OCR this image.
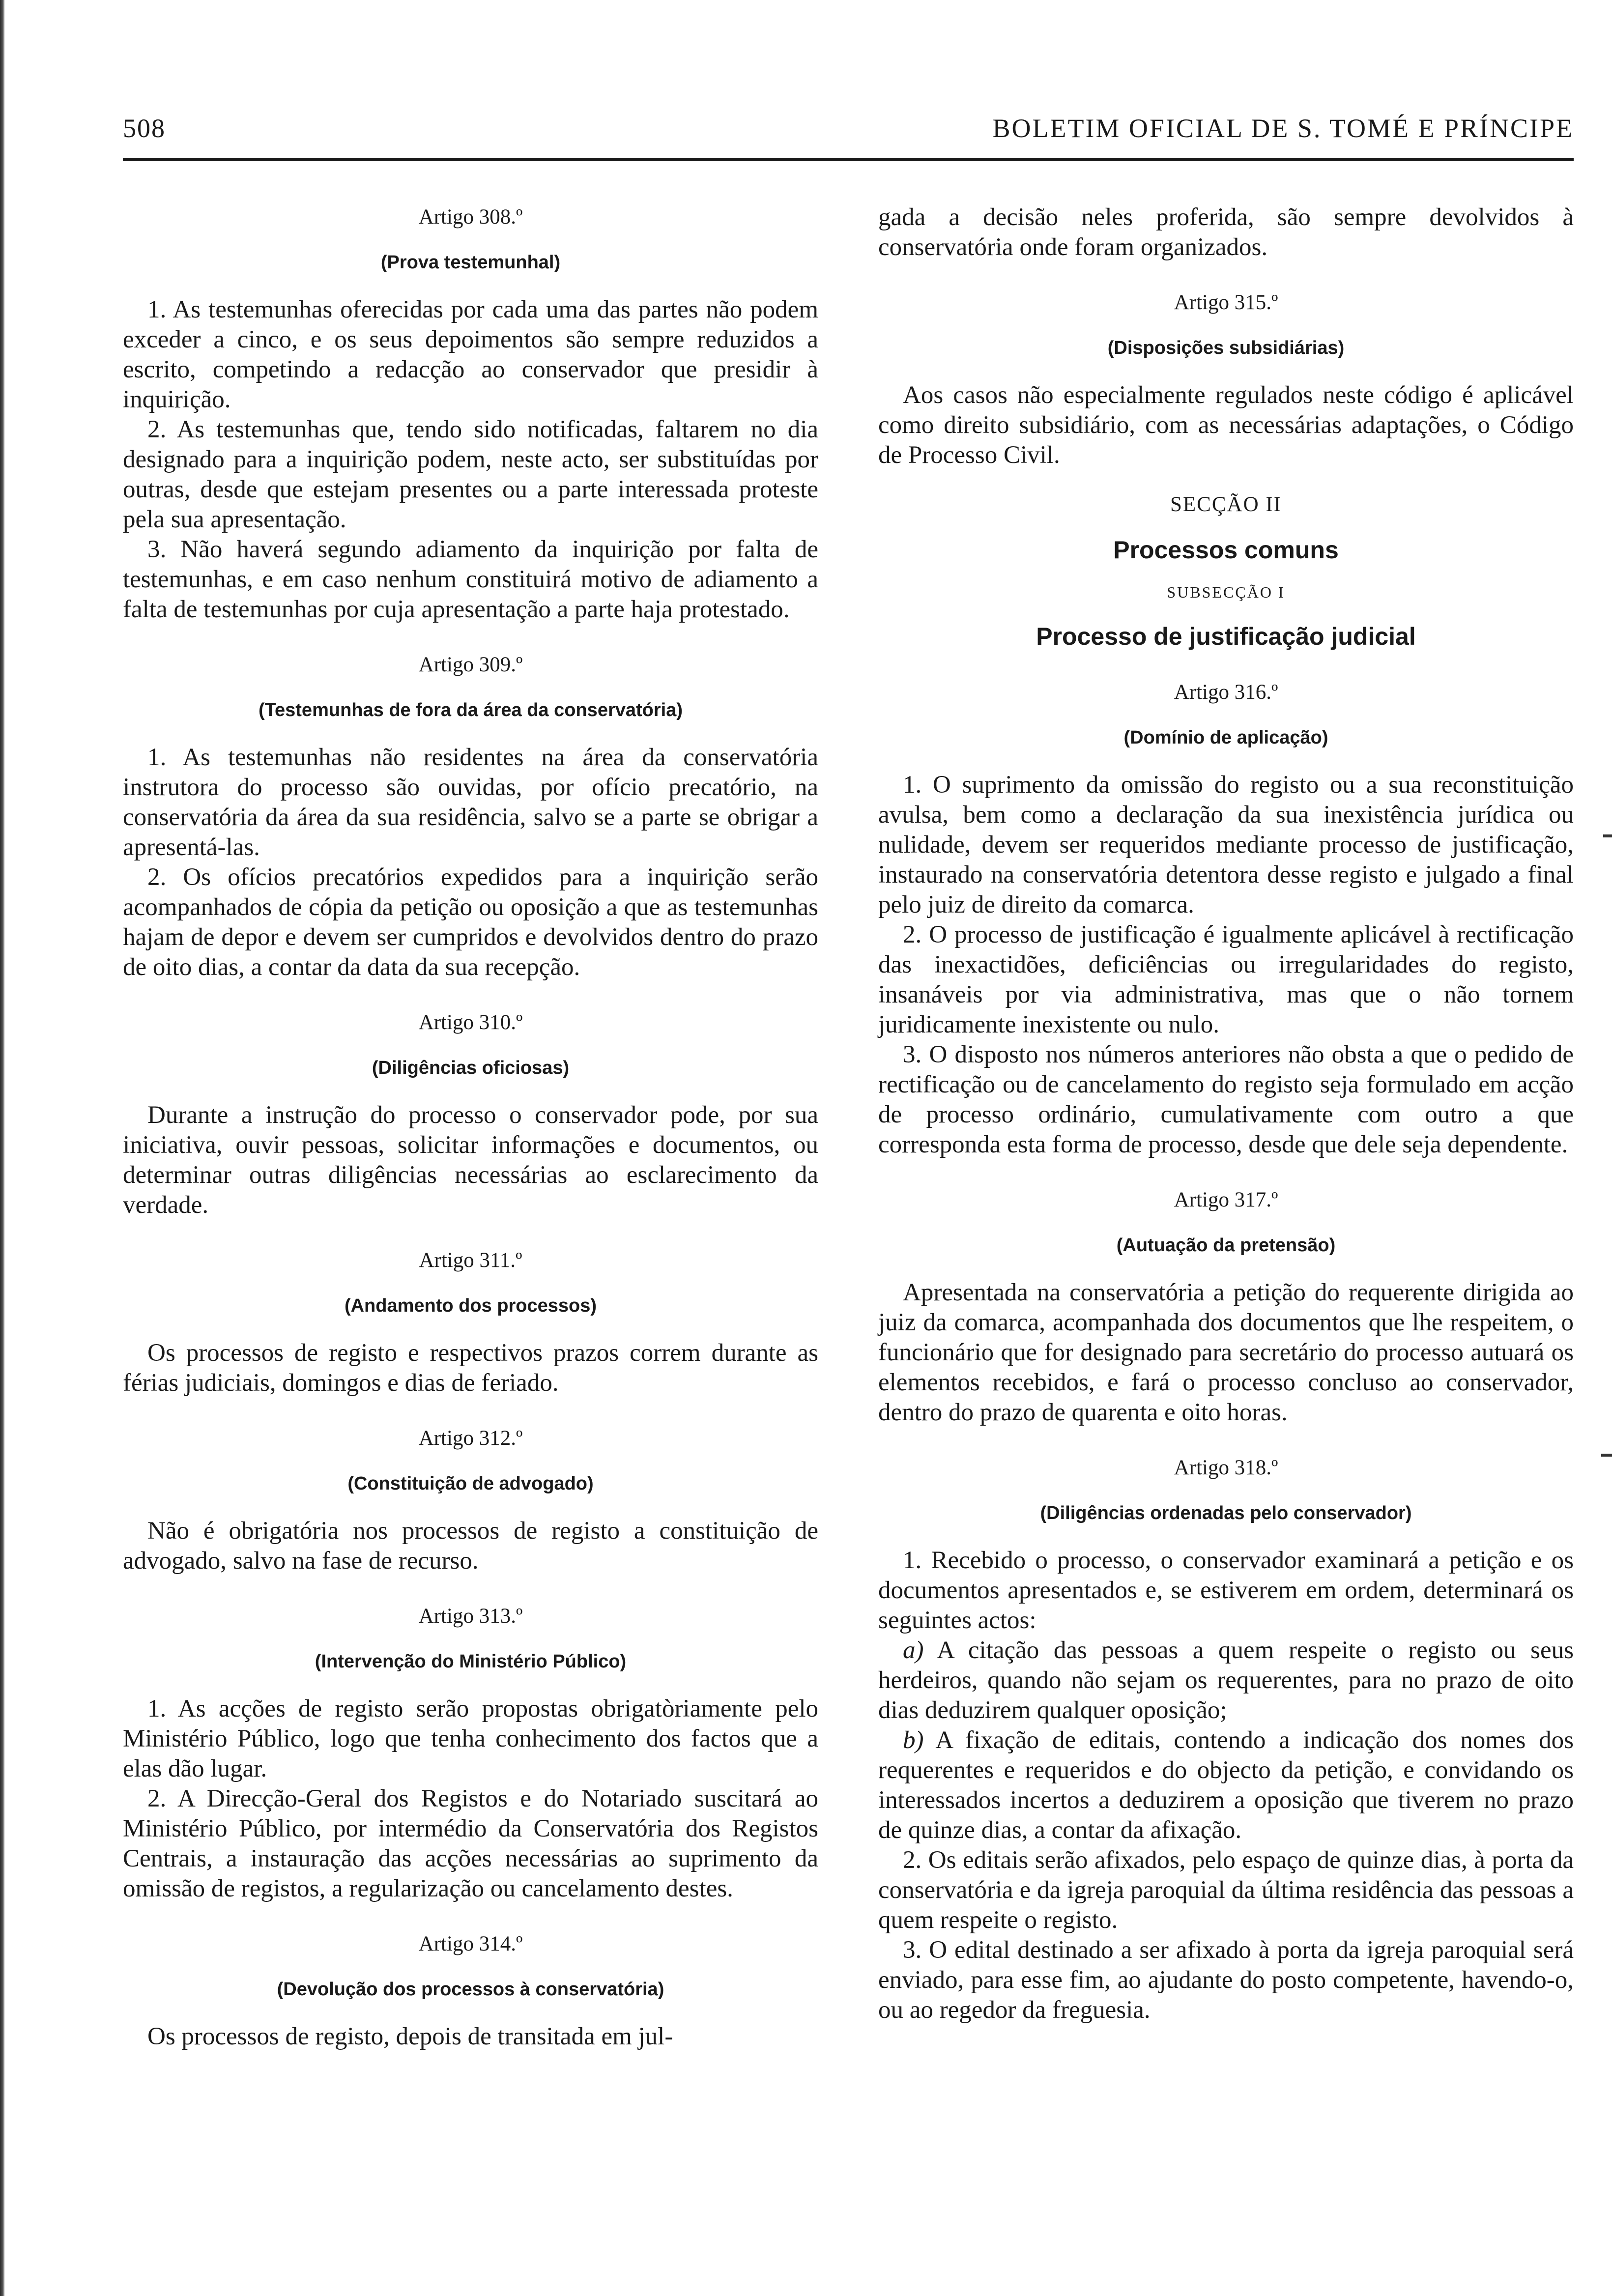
508	BOLETIM OFICIAL DE S. TOMÉ E PRÍNCIPE
Artigo 308.º
(Prova testemunhal)

1. As testemunhas oferecidas por cada uma das partes não podem exceder a cinco, e os seus depoimentos são sempre reduzidos a escrito, competindo a redacção ao conservador que presidir à inquirição.

2. As testemunhas que, tendo sido notificadas, faltarem no dia designado para a inquirição podem, neste acto, ser substituídas por outras, desde que estejam presentes ou a parte interessada proteste pela sua apresentação.

3. Não haverá segundo adiamento da inquirição por falta de testemunhas, e em caso nenhum constituirá motivo de adiamento a falta de testemunhas por cuja apresentação a parte haja protestado.

Artigo 309.º
(Testemunhas de fora da área da conservatória)

1. As testemunhas não residentes na área da conservatória instrutora do processo são ouvidas, por ofício precatório, na conservatória da área da sua residência, salvo se a parte se obrigar a apresentá-las.

2. Os ofícios precatórios expedidos para a inquirição serão acompanhados de cópia da petição ou oposição a que as testemunhas hajam de depor e devem ser cumpridos e devolvidos dentro do prazo de oito dias, a contar da data da sua recepção.

Artigo 310.º
(Diligências oficiosas)

Durante a instrução do processo o conservador pode, por sua iniciativa, ouvir pessoas, solicitar informações e documentos, ou determinar outras diligências necessárias ao esclarecimento da verdade.

Artigo 311.º
(Andamento dos processos)

Os processos de registo e respectivos prazos correm durante as férias judiciais, domingos e dias de feriado.

Artigo 312.º
(Constituição de advogado)

Não é obrigatória nos processos de registo a constituição de advogado, salvo na fase de recurso.

Artigo 313.º
(Intervenção do Ministério Público)

1. As acções de registo serão propostas obrigatòriamente pelo Ministério Público, logo que tenha conhecimento dos factos que a elas dão lugar.

2. A Direcção-Geral dos Registos e do Notariado suscitará ao Ministério Público, por intermédio da Conservatória dos Registos Centrais, a instauração das acções necessárias ao suprimento da omissão de registos, a regularização ou cancelamento destes.

Artigo 314.º
(Devolução dos processos à conservatória)

Os processos de registo, depois de transitada em jul-

gada a decisão neles proferida, são sempre devolvidos à conservatória onde foram organizados.

Artigo 315.º
(Disposições subsidiárias)

Aos casos não especialmente regulados neste código é aplicável como direito subsidiário, com as necessárias adaptações, o Código de Processo Civil.

SECÇÃO II
Processos comuns
SUBSECÇÃO I
Processo de justificação judicial
Artigo 316.º
(Domínio de aplicação)

1. O suprimento da omissão do registo ou a sua reconstituição avulsa, bem como a declaração da sua inexistência jurídica ou nulidade, devem ser requeridos mediante processo de justificação, instaurado na conservatória detentora desse registo e julgado a final pelo juiz de direito da comarca.

2. O processo de justificação é igualmente aplicável à rectificação das inexactidões, deficiências ou irregularidades do registo, insanáveis por via administrativa, mas que o não tornem juridicamente inexistente ou nulo.

3. O disposto nos números anteriores não obsta a que o pedido de rectificação ou de cancelamento do registo seja formulado em acção de processo ordinário, cumulativamente com outro a que corresponda esta forma de processo, desde que dele seja dependente.

Artigo 317.º
(Autuação da pretensão)

Apresentada na conservatória a petição do requerente dirigida ao juiz da comarca, acompanhada dos documentos que lhe respeitem, o funcionário que for designado para secretário do processo autuará os elementos recebidos, e fará o processo concluso ao conservador, dentro do prazo de quarenta e oito horas.

Artigo 318.º
(Diligências ordenadas pelo conservador)

1. Recebido o processo, o conservador examinará a petição e os documentos apresentados e, se estiverem em ordem, determinará os seguintes actos:

a) A citação das pessoas a quem respeite o registo ou seus herdeiros, quando não sejam os requerentes, para no prazo de oito dias deduzirem qualquer oposição;

b) A fixação de editais, contendo a indicação dos nomes dos requerentes e requeridos e do objecto da petição, e convidando os interessados incertos a deduzirem a oposição que tiverem no prazo de quinze dias, a contar da afixação.

2. Os editais serão afixados, pelo espaço de quinze dias, à porta da conservatória e da igreja paroquial da última residência das pessoas a quem respeite o registo.

3. O edital destinado a ser afixado à porta da igreja paroquial será enviado, para esse fim, ao ajudante do posto competente, havendo-o, ou ao regedor da freguesia.
